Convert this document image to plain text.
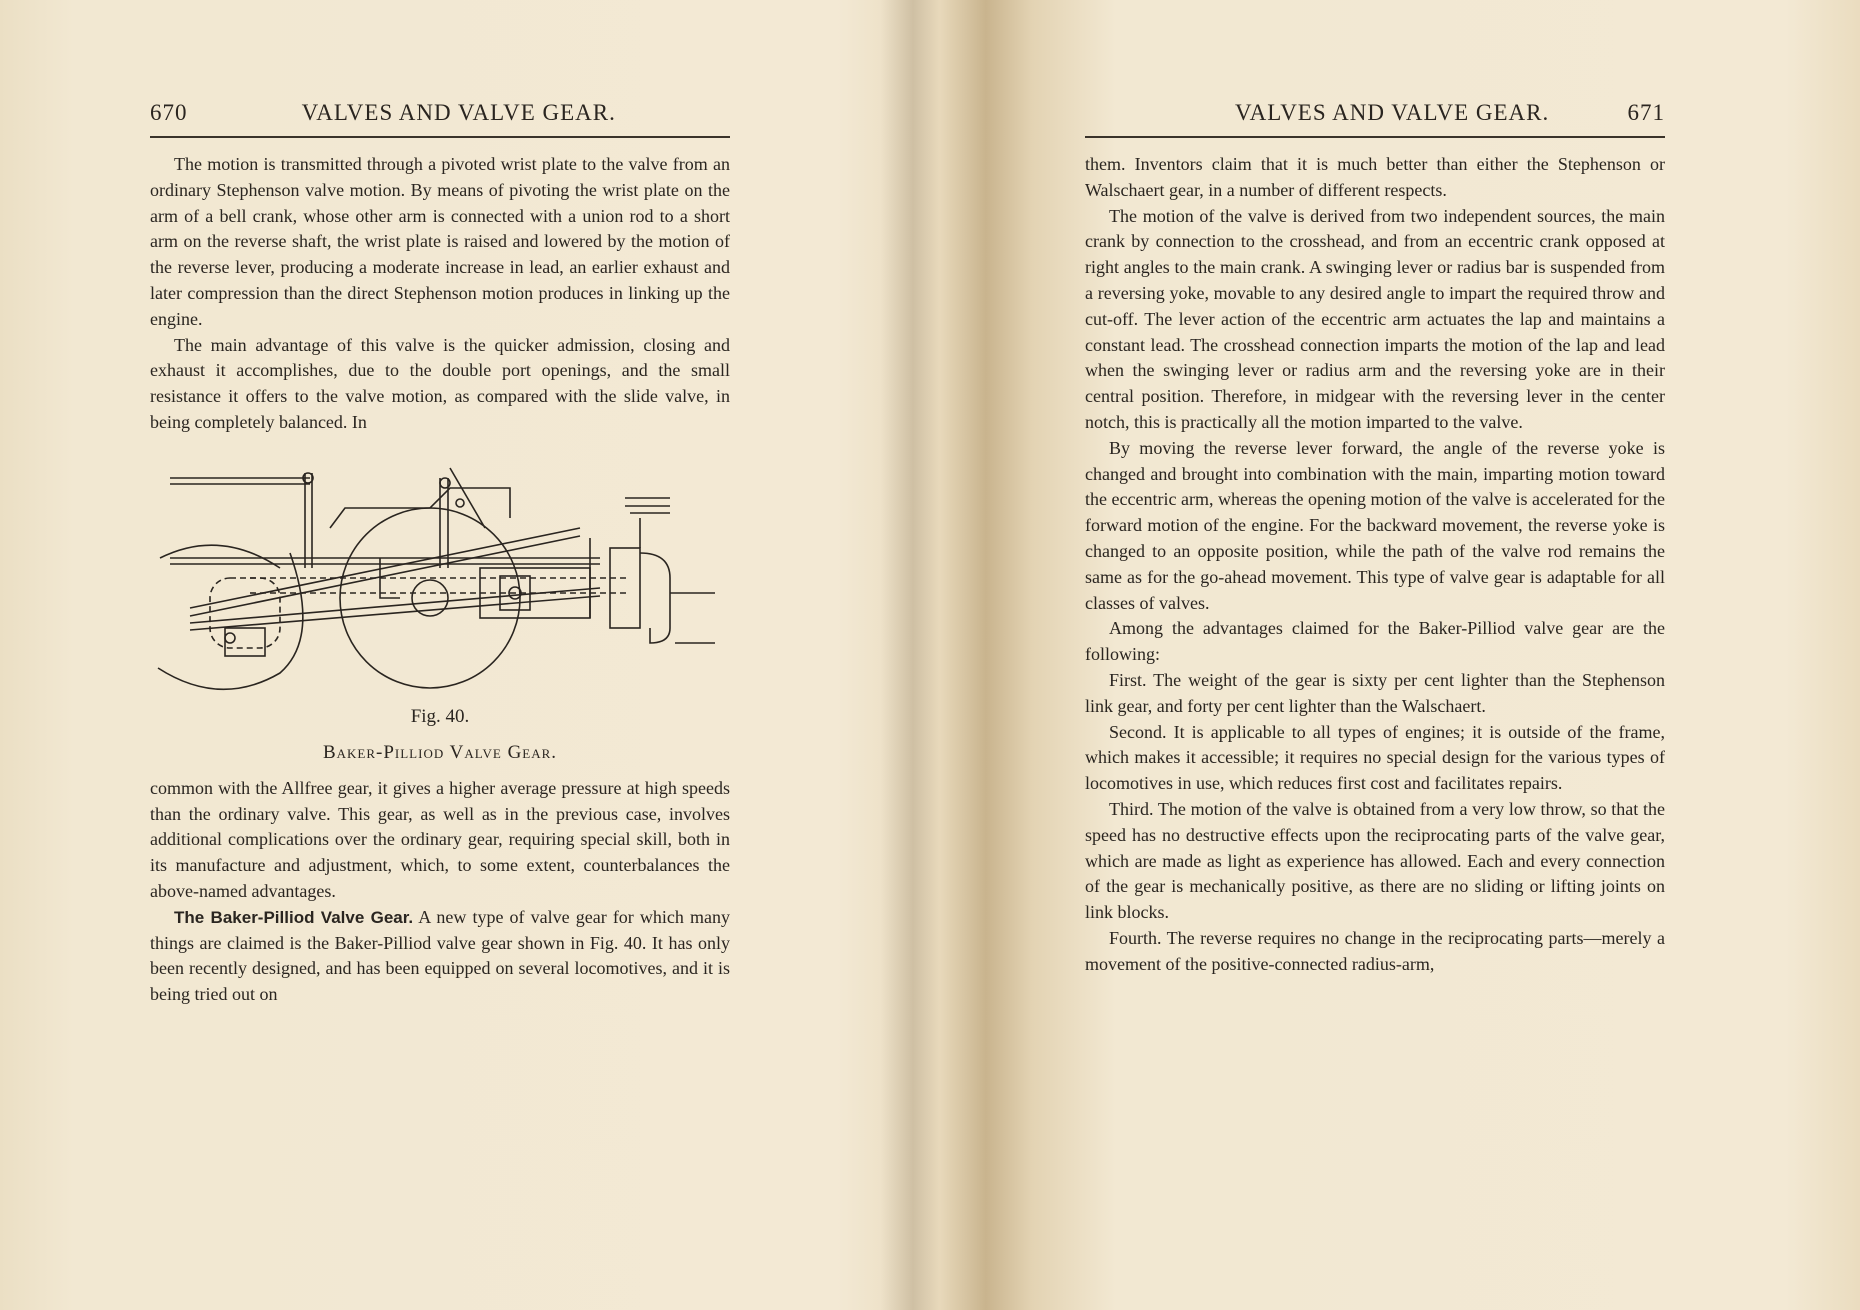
670	VALVES AND VALVE GEAR.

The motion is transmitted through a pivoted wrist plate to the valve from an ordinary Stephenson valve motion. By means of pivoting the wrist plate on the arm of a bell crank, whose other arm is connected with a union rod to a short arm on the reverse shaft, the wrist plate is raised and lowered by the motion of the reverse lever, producing a moderate increase in lead, an earlier exhaust and later compression than the direct Stephenson motion produces in linking up the engine.

The main advantage of this valve is the quicker admission, closing and exhaust it accomplishes, due to the double port openings, and the small resistance it offers to the valve motion, as compared with the slide valve, in being completely balanced. In

Fig. 40.
Baker-Pilliod Valve Gear.

common with the Allfree gear, it gives a higher average pressure at high speeds than the ordinary valve. This gear, as well as in the previous case, involves additional complications over the ordinary gear, requiring special skill, both in its manufacture and adjustment, which, to some extent, counterbalances the above-named advantages.

The Baker-Pilliod Valve Gear. A new type of valve gear for which many things are claimed is the Baker-Pilliod valve gear shown in Fig. 40. It has only been recently designed, and has been equipped on several locomotives, and it is being tried out on

VALVES AND VALVE GEAR.	671

them. Inventors claim that it is much better than either the Stephenson or Walschaert gear, in a number of different respects.

The motion of the valve is derived from two independent sources, the main crank by connection to the crosshead, and from an eccentric crank opposed at right angles to the main crank. A swinging lever or radius bar is suspended from a reversing yoke, movable to any desired angle to impart the required throw and cut-off. The lever action of the eccentric arm actuates the lap and maintains a constant lead. The crosshead connection imparts the motion of the lap and lead when the swinging lever or radius arm and the reversing yoke are in their central position. Therefore, in midgear with the reversing lever in the center notch, this is practically all the motion imparted to the valve.

By moving the reverse lever forward, the angle of the reverse yoke is changed and brought into combination with the main, imparting motion toward the eccentric arm, whereas the opening motion of the valve is accelerated for the forward motion of the engine. For the backward movement, the reverse yoke is changed to an opposite position, while the path of the valve rod remains the same as for the go-ahead movement. This type of valve gear is adaptable for all classes of valves.

Among the advantages claimed for the Baker-Pilliod valve gear are the following:

First. The weight of the gear is sixty per cent lighter than the Stephenson link gear, and forty per cent lighter than the Walschaert.

Second. It is applicable to all types of engines; it is outside of the frame, which makes it accessible; it requires no special design for the various types of locomotives in use, which reduces first cost and facilitates repairs.

Third. The motion of the valve is obtained from a very low throw, so that the speed has no destructive effects upon the reciprocating parts of the valve gear, which are made as light as experience has allowed. Each and every connection of the gear is mechanically positive, as there are no sliding or lifting joints on link blocks.

Fourth. The reverse requires no change in the reciprocating parts—merely a movement of the positive-connected radius-arm,
